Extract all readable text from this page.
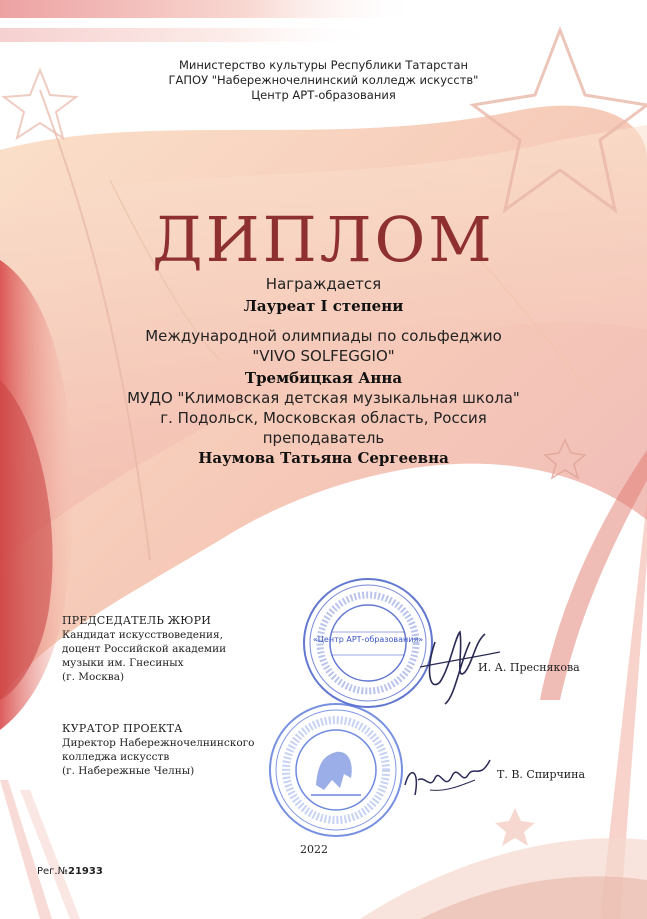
Министерство культуры Республики Татарстан
ГАПОУ "Набережночелнинский колледж искусств"
Центр АРТ-образования
ДИПЛОМ
Награждается
Лауреат I степени
Международной олимпиады по сольфеджио
"VIVO SOLFEGGIO"
Трембицкая Анна
МУДО "Климовская детская музыкальная школа"
г. Подольск, Московская область, Россия
преподаватель
Наумова Татьяна Сергеевна
ПРЕДСЕДАТЕЛЬ ЖЮРИ
Кандидат искусствоведения,
доцент Российской академии
музыки им. Гнесиных
(г. Москва)
«Центр АРТ-образования»
И. А. Преснякова
КУРАТОР ПРОЕКТА
Директор Набережночелнинского
колледжа искусств
(г. Набережные Челны)	Т. В. Спирчина
2022
Рег.№21933
